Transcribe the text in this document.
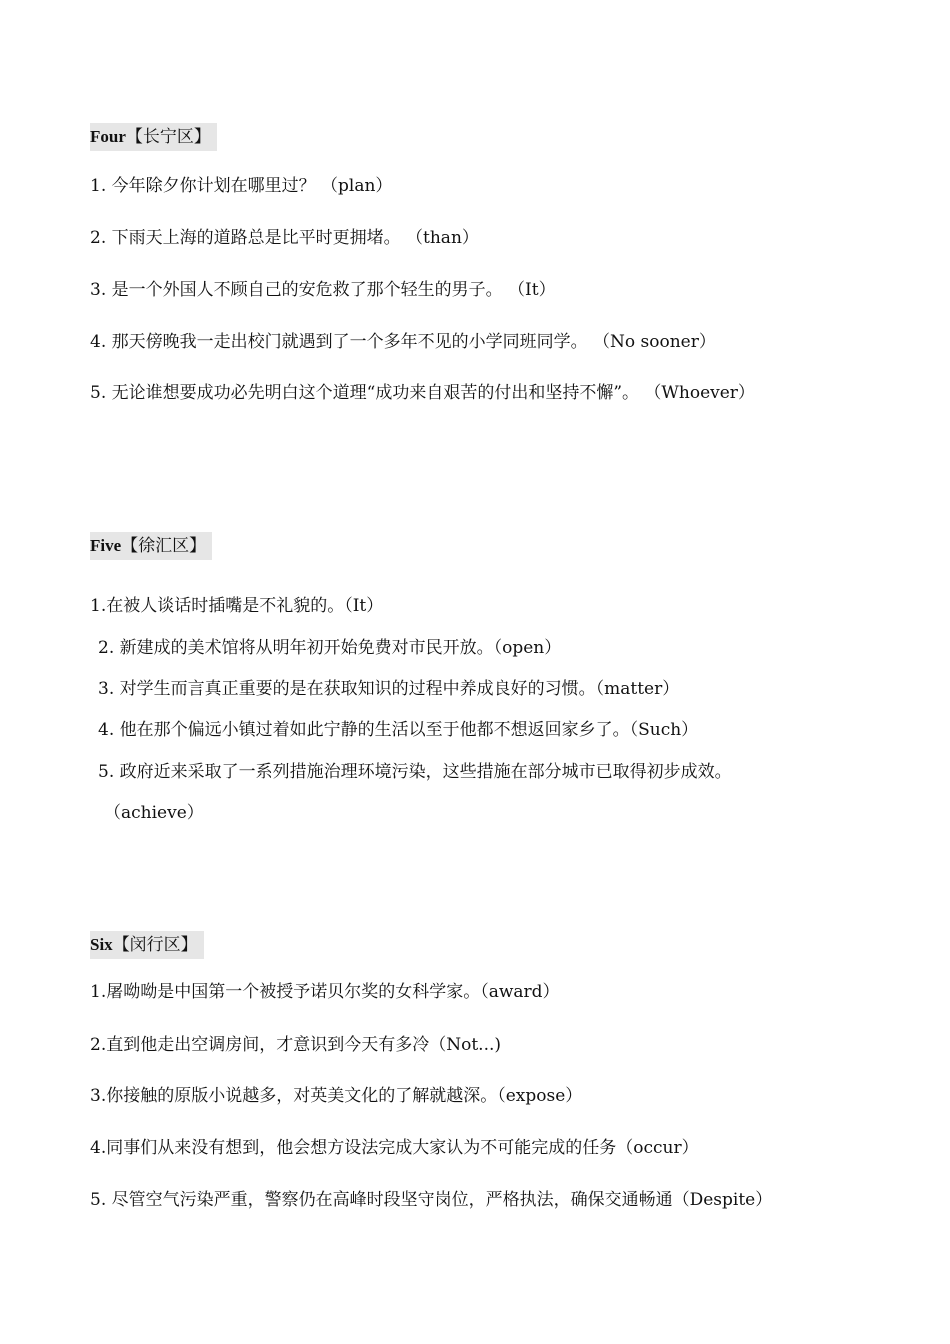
Four【长宁区】
1. 今年除夕你计划在哪里过？ （plan）
2. 下雨天上海的道路总是比平时更拥堵。 （than）
3. 是一个外国人不顾自己的安危救了那个轻生的男子。 （It）
4. 那天傍晚我一走出校门就遇到了一个多年不见的小学同班同学。 （No sooner）
5. 无论谁想要成功必先明白这个道理“成功来自艰苦的付出和坚持不懈”。 （Whoever）
Five【徐汇区】
1.在被人谈话时插嘴是不礼貌的。（It）
2. 新建成的美术馆将从明年初开始免费对市民开放。（open）
3. 对学生而言真正重要的是在获取知识的过程中养成良好的习惯。（matter）
4. 他在那个偏远小镇过着如此宁静的生活以至于他都不想返回家乡了。（Such）
5. 政府近来采取了一系列措施治理环境污染，这些措施在部分城市已取得初步成效。
（achieve）
Six【闵行区】
1.屠呦呦是中国第一个被授予诺贝尔奖的女科学家。（award）
2.直到他走出空调房间，才意识到今天有多冷（Not...)
3.你接触的原版小说越多，对英美文化的了解就越深。（expose）
4.同事们从来没有想到，他会想方设法完成大家认为不可能完成的任务（occur）
5. 尽管空气污染严重，警察仍在高峰时段坚守岗位，严格执法，确保交通畅通（Despite）
